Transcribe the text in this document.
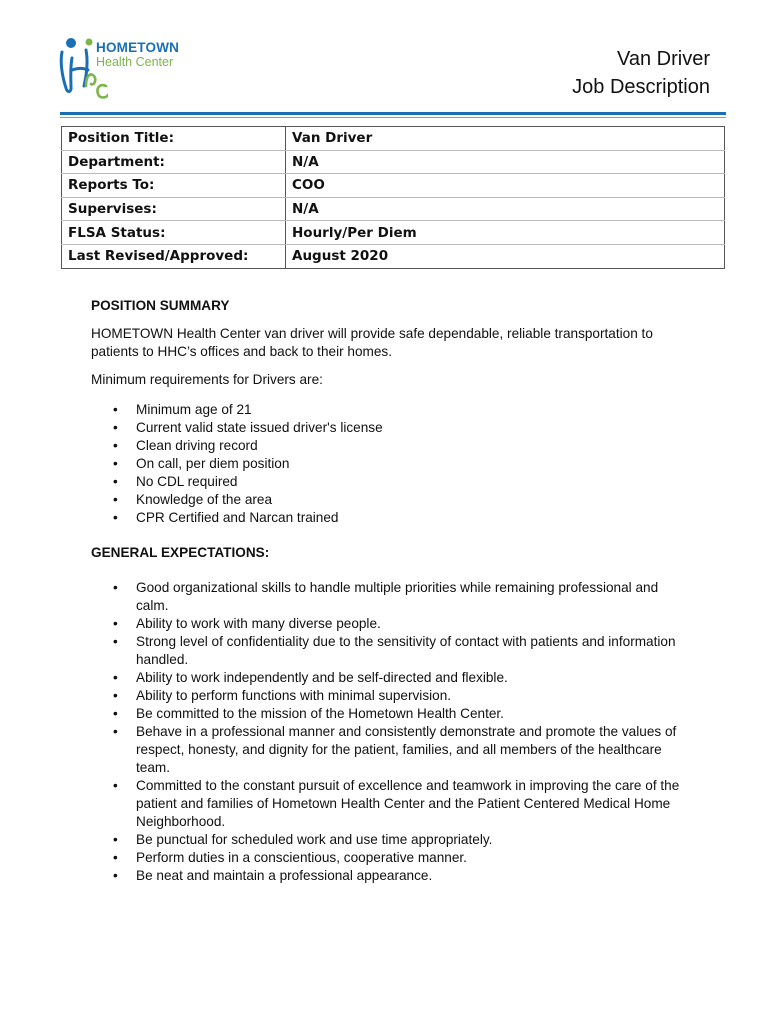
HOMETOWN
Health Center	Van Driver
Job Description
Position Title:	Van Driver
Department:	N/A
Reports To:	COO
Supervises:	N/A
FLSA Status:	Hourly/Per Diem
Last Revised/Approved:	August 2020

POSITION SUMMARY

HOMETOWN Health Center van driver will provide safe dependable, reliable transportation to patients to HHC’s offices and back to their homes.

Minimum requirements for Drivers are:

• Minimum age of 21
• Current valid state issued driver's license
• Clean driving record
• On call, per diem position
• No CDL required
• Knowledge of the area
• CPR Certified and Narcan trained

GENERAL EXPECTATIONS:

• Good organizational skills to handle multiple priorities while remaining professional and calm.
• Ability to work with many diverse people.
• Strong level of confidentiality due to the sensitivity of contact with patients and information handled.
• Ability to work independently and be self-directed and flexible.
• Ability to perform functions with minimal supervision.
• Be committed to the mission of the Hometown Health Center.
• Behave in a professional manner and consistently demonstrate and promote the values of respect, honesty, and dignity for the patient, families, and all members of the healthcare team.
• Committed to the constant pursuit of excellence and teamwork in improving the care of the patient and families of Hometown Health Center and the Patient Centered Medical Home Neighborhood.
• Be punctual for scheduled work and use time appropriately.
• Perform duties in a conscientious, cooperative manner.
• Be neat and maintain a professional appearance.
